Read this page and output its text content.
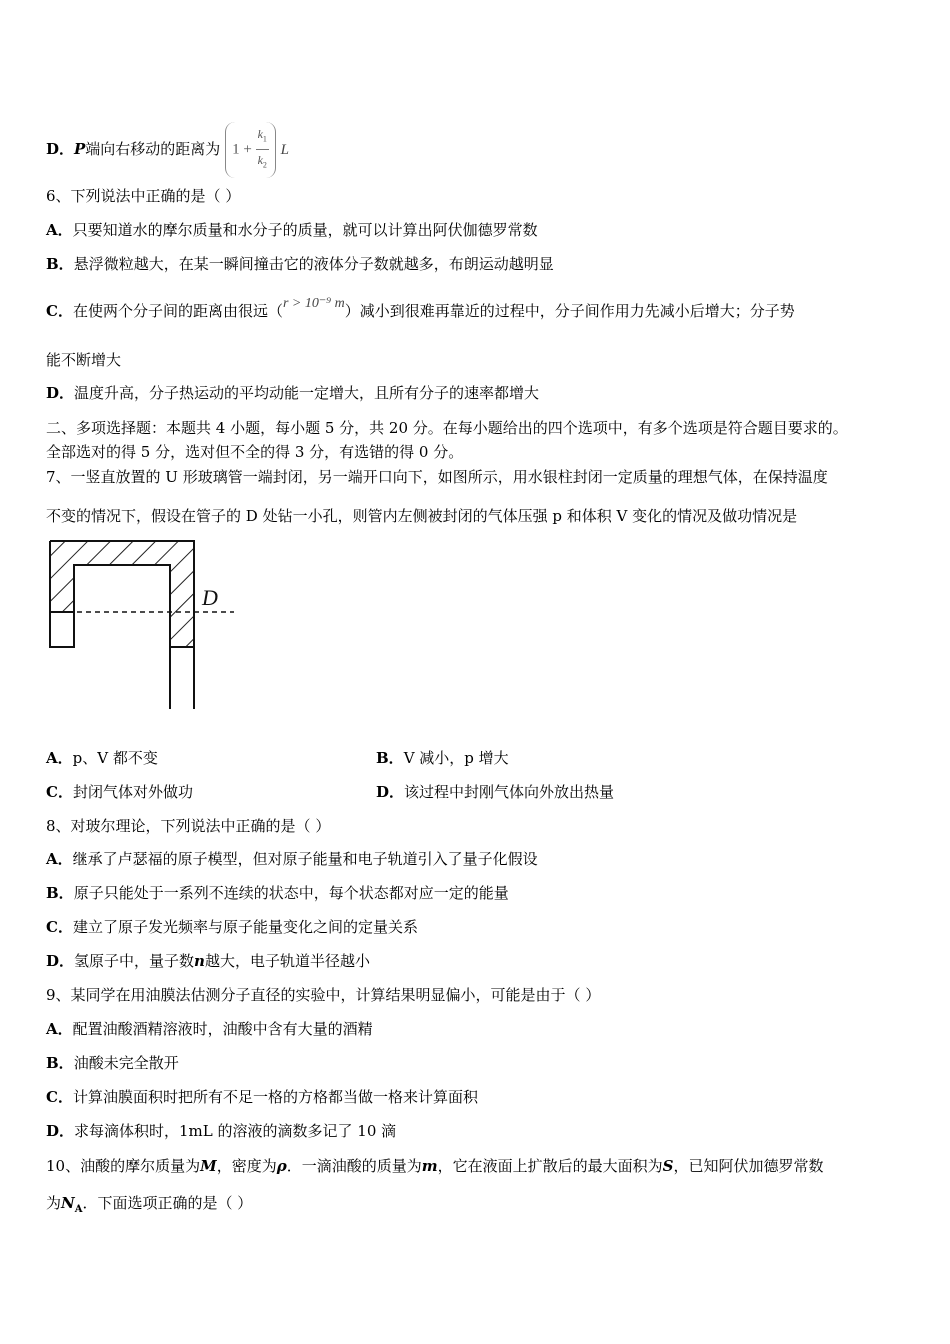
D．P端向右移动的距离为 $1 + \frac{k_1}{k_2}$ L
6、下列说法中正确的是（ ）
A．只要知道水的摩尔质量和水分子的质量，就可以计算出阿伏伽德罗常数
B．悬浮微粒越大，在某一瞬间撞击它的液体分子数就越多，布朗运动越明显
C．在使两个分子间的距离由很远（r > 10⁻⁹ m）减小到很难再靠近的过程中，分子间作用力先减小后增大；分子势
能不断增大
D．温度升高，分子热运动的平均动能一定增大，且所有分子的速率都增大
二、多项选择题：本题共 4 小题，每小题 5 分，共 20 分。在每小题给出的四个选项中，有多个选项是符合题目要求的。
全部选对的得 5 分，选对但不全的得 3 分，有选错的得 0 分。
7、一竖直放置的 U 形玻璃管一端封闭，另一端开口向下，如图所示，用水银柱封闭一定质量的理想气体，在保持温度
不变的情况下，假设在管子的 D 处钻一小孔，则管内左侧被封闭的气体压强 p 和体积 V 变化的情况及做功情况是
D
A．p、V 都不变	B．V 减小，p 增大
C．封闭气体对外做功	D．该过程中封刚气体向外放出热量
8、对玻尔理论，下列说法中正确的是（ ）
A．继承了卢瑟福的原子模型，但对原子能量和电子轨道引入了量子化假设
B．原子只能处于一系列不连续的状态中，每个状态都对应一定的能量
C．建立了原子发光频率与原子能量变化之间的定量关系
D．氢原子中，量子数n越大，电子轨道半径越小
9、某同学在用油膜法估测分子直径的实验中，计算结果明显偏小，可能是由于（ ）
A．配置油酸酒精溶液时，油酸中含有大量的酒精
B．油酸未完全散开
C．计算油膜面积时把所有不足一格的方格都当做一格来计算面积
D．求每滴体积时，1mL 的溶液的滴数多记了 10 滴
10、油酸的摩尔质量为M，密度为ρ．一滴油酸的质量为m，它在液面上扩散后的最大面积为S，已知阿伏加德罗常数
为$N_A$．下面选项正确的是（ ）
